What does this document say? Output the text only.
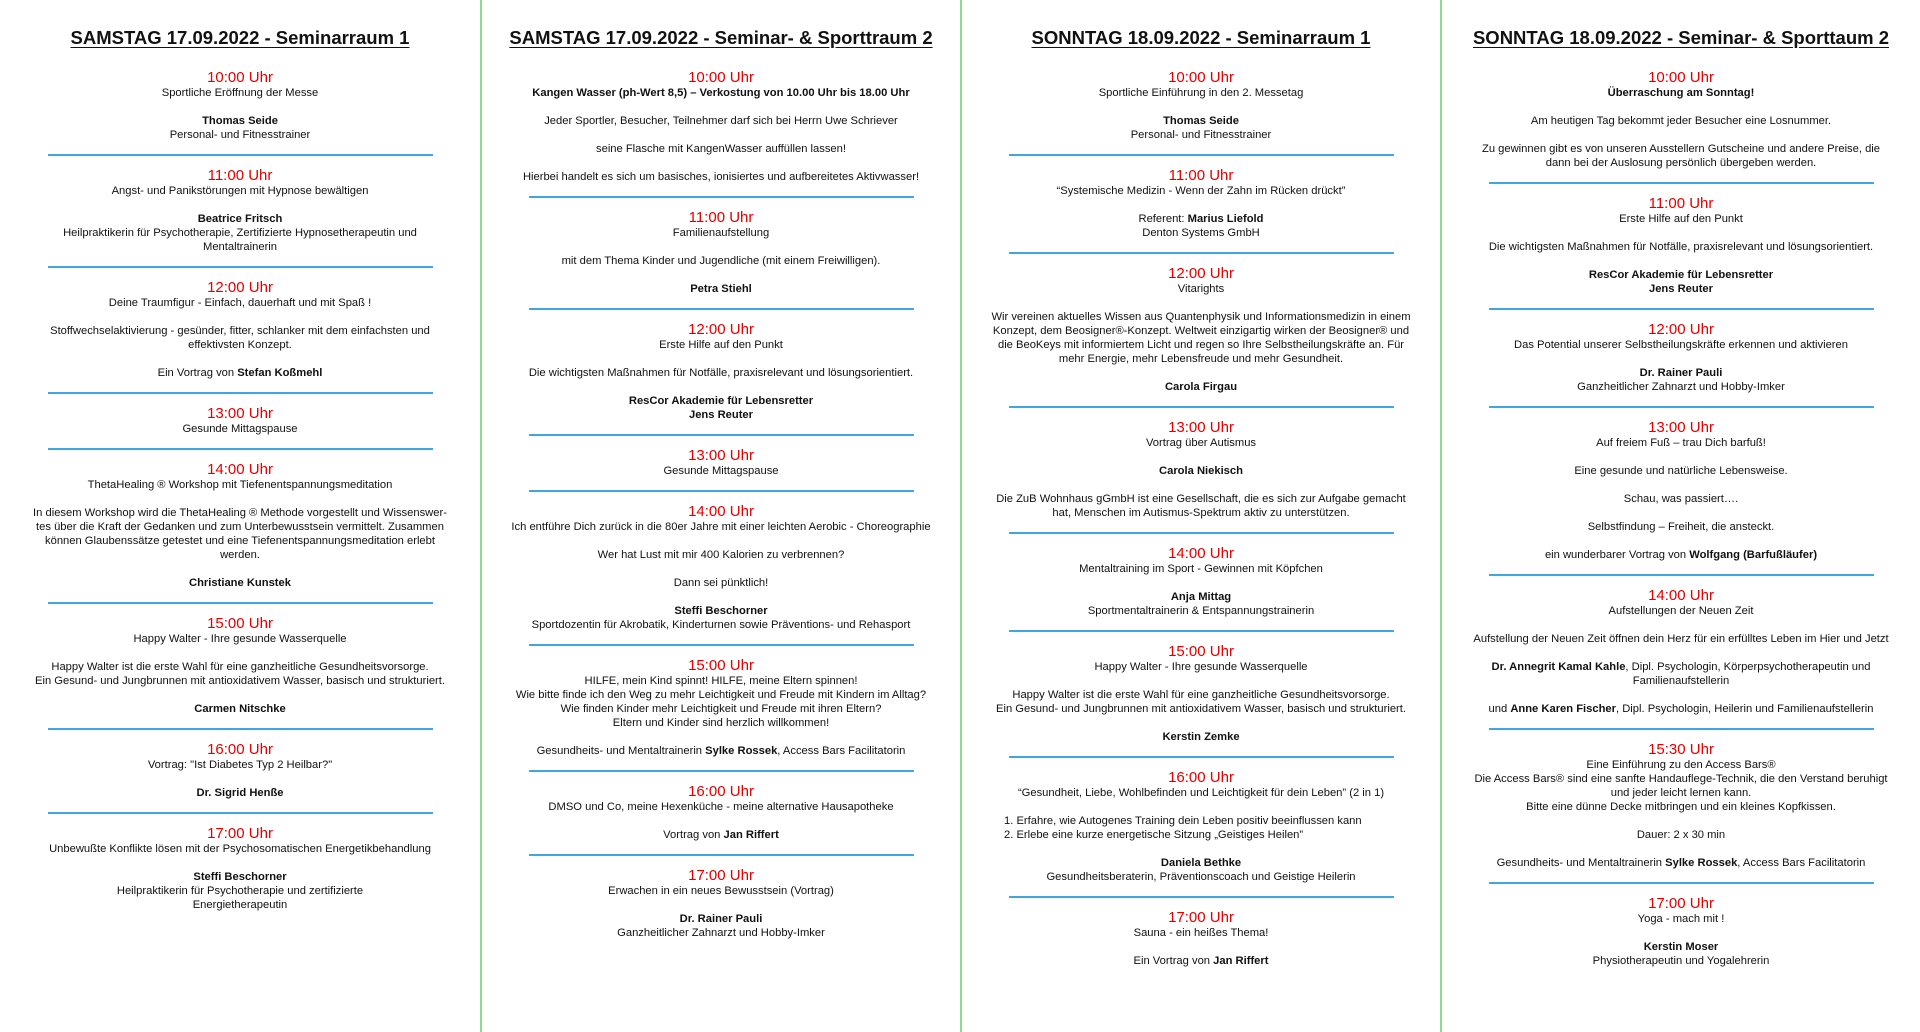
SAMSTAG 17.09.2022 - Seminarraum 1
10:00 Uhr
Sportliche Eröffnung der Messe
Thomas Seide
Personal- und Fitnesstrainer
11:00 Uhr
Angst- und Panikstörungen mit Hypnose bewältigen
Beatrice Fritsch
Heilpraktikerin für Psychotherapie, Zertifizierte Hypnosetherapeutin und
Mentaltrainerin
12:00 Uhr
Deine Traumfigur - Einfach, dauerhaft und mit Spaß !
Stoffwechselaktivierung - gesünder, fitter, schlanker mit dem einfachsten und
effektivsten Konzept.
Ein Vortrag von Stefan Koßmehl
13:00 Uhr
Gesunde Mittagspause
14:00 Uhr
ThetaHealing ® Workshop mit Tiefenentspannungsmeditation
In diesem Workshop wird die ThetaHealing ® Methode vorgestellt und Wissenswer-
tes über die Kraft der Gedanken und zum Unterbewusstsein vermittelt. Zusammen
können Glaubenssätze getestet und eine Tiefenentspannungsmeditation erlebt
werden.
Christiane Kunstek
15:00 Uhr
Happy Walter - Ihre gesunde Wasserquelle
Happy Walter ist die erste Wahl für eine ganzheitliche Gesundheitsvorsorge.
Ein Gesund- und Jungbrunnen mit antioxidativem Wasser, basisch und strukturiert.
Carmen Nitschke
16:00 Uhr
Vortrag: "Ist Diabetes Typ 2 Heilbar?"
Dr. Sigrid Henße
17:00 Uhr
Unbewußte Konflikte lösen mit der Psychosomatischen Energetikbehandlung
Steffi Beschorner
Heilpraktikerin für Psychotherapie und zertifizierte
Energietherapeutin
SAMSTAG 17.09.2022 - Seminar- & Sporttraum 2
10:00 Uhr
Kangen Wasser (ph-Wert 8,5) – Verkostung von 10.00 Uhr bis 18.00 Uhr
Jeder Sportler, Besucher, Teilnehmer darf sich bei Herrn Uwe Schriever
seine Flasche mit KangenWasser auffüllen lassen!
Hierbei handelt es sich um basisches, ionisiertes und aufbereitetes Aktivwasser!
11:00 Uhr
Familienaufstellung
mit dem Thema Kinder und Jugendliche (mit einem Freiwilligen).
Petra Stiehl
12:00 Uhr
Erste Hilfe auf den Punkt
Die wichtigsten Maßnahmen für Notfälle, praxisrelevant und lösungsorientiert.
ResCor Akademie für Lebensretter
Jens Reuter
13:00 Uhr
Gesunde Mittagspause
14:00 Uhr
Ich entführe Dich zurück in die 80er Jahre mit einer leichten Aerobic - Choreographie
Wer hat Lust mit mir 400 Kalorien zu verbrennen?
Dann sei pünktlich!
Steffi Beschorner
Sportdozentin für Akrobatik, Kinderturnen sowie Präventions- und Rehasport
15:00 Uhr
HILFE, mein Kind spinnt! HILFE, meine Eltern spinnen!
Wie bitte finde ich den Weg zu mehr Leichtigkeit und Freude mit Kindern im Alltag?
Wie finden Kinder mehr Leichtigkeit und Freude mit ihren Eltern?
Eltern und Kinder sind herzlich willkommen!
Gesundheits- und Mentaltrainerin Sylke Rossek, Access Bars Facilitatorin
16:00 Uhr
DMSO und Co, meine Hexenküche - meine alternative Hausapotheke
Vortrag von Jan Riffert
17:00 Uhr
Erwachen in ein neues Bewusstsein (Vortrag)
Dr. Rainer Pauli
Ganzheitlicher Zahnarzt und Hobby-Imker
SONNTAG 18.09.2022 - Seminarraum 1
10:00 Uhr
Sportliche Einführung in den 2. Messetag
Thomas Seide
Personal- und Fitnesstrainer
11:00 Uhr
“Systemische Medizin - Wenn der Zahn im Rücken drückt”
Referent: Marius Liefold
Denton Systems GmbH
12:00 Uhr
Vitarights
Wir vereinen aktuelles Wissen aus Quantenphysik und Informationsmedizin in einem
Konzept, dem Beosigner®-Konzept. Weltweit einzigartig wirken der Beosigner® und
die BeoKeys mit informiertem Licht und regen so Ihre Selbstheilungskräfte an. Für
mehr Energie, mehr Lebensfreude und mehr Gesundheit.
Carola Firgau
13:00 Uhr
Vortrag über Autismus
Carola Niekisch
Die ZuB Wohnhaus gGmbH ist eine Gesellschaft, die es sich zur Aufgabe gemacht
hat, Menschen im Autismus-Spektrum aktiv zu unterstützen.
14:00 Uhr
Mentaltraining im Sport - Gewinnen mit Köpfchen
Anja Mittag
Sportmentaltrainerin & Entspannungstrainerin
15:00 Uhr
Happy Walter - Ihre gesunde Wasserquelle
Happy Walter ist die erste Wahl für eine ganzheitliche Gesundheitsvorsorge.
Ein Gesund- und Jungbrunnen mit antioxidativem Wasser, basisch und strukturiert.
Kerstin Zemke
16:00 Uhr
“Gesundheit, Liebe, Wohlbefinden und Leichtigkeit für dein Leben” (2 in 1)
1. Erfahre, wie Autogenes Training dein Leben positiv beeinflussen kann
2. Erlebe eine kurze energetische Sitzung „Geistiges Heilen”
Daniela Bethke
Gesundheitsberaterin, Präventionscoach und Geistige Heilerin
17:00 Uhr
Sauna - ein heißes Thema!
Ein Vortrag von Jan Riffert
SONNTAG 18.09.2022 - Seminar- & Sporttaum 2
10:00 Uhr
Überraschung am Sonntag!
Am heutigen Tag bekommt jeder Besucher eine Losnummer.
Zu gewinnen gibt es von unseren Ausstellern Gutscheine und andere Preise, die
dann bei der Auslosung persönlich übergeben werden.
11:00 Uhr
Erste Hilfe auf den Punkt
Die wichtigsten Maßnahmen für Notfälle, praxisrelevant und lösungsorientiert.
ResCor Akademie für Lebensretter
Jens Reuter
12:00 Uhr
Das Potential unserer Selbstheilungskräfte erkennen und aktivieren
Dr. Rainer Pauli
Ganzheitlicher Zahnarzt und Hobby-Imker
13:00 Uhr
Auf freiem Fuß – trau Dich barfuß!
Eine gesunde und natürliche Lebensweise.
Schau, was passiert….
Selbstfindung – Freiheit, die ansteckt.
ein wunderbarer Vortrag von Wolfgang (Barfußläufer)
14:00 Uhr
Aufstellungen der Neuen Zeit
Aufstellung der Neuen Zeit öffnen dein Herz für ein erfülltes Leben im Hier und Jetzt
Dr. Annegrit Kamal Kahle, Dipl. Psychologin, Körperpsychotherapeutin und
Familienaufstellerin
und Anne Karen Fischer, Dipl. Psychologin, Heilerin und Familienaufstellerin
15:30 Uhr
Eine Einführung zu den Access Bars®
Die Access Bars® sind eine sanfte Handauflege-Technik, die den Verstand beruhigt
und jeder leicht lernen kann.
Bitte eine dünne Decke mitbringen und ein kleines Kopfkissen.
Dauer: 2 x 30 min
Gesundheits- und Mentaltrainerin Sylke Rossek, Access Bars Facilitatorin
17:00 Uhr
Yoga - mach mit !
Kerstin Moser
Physiotherapeutin und Yogalehrerin
